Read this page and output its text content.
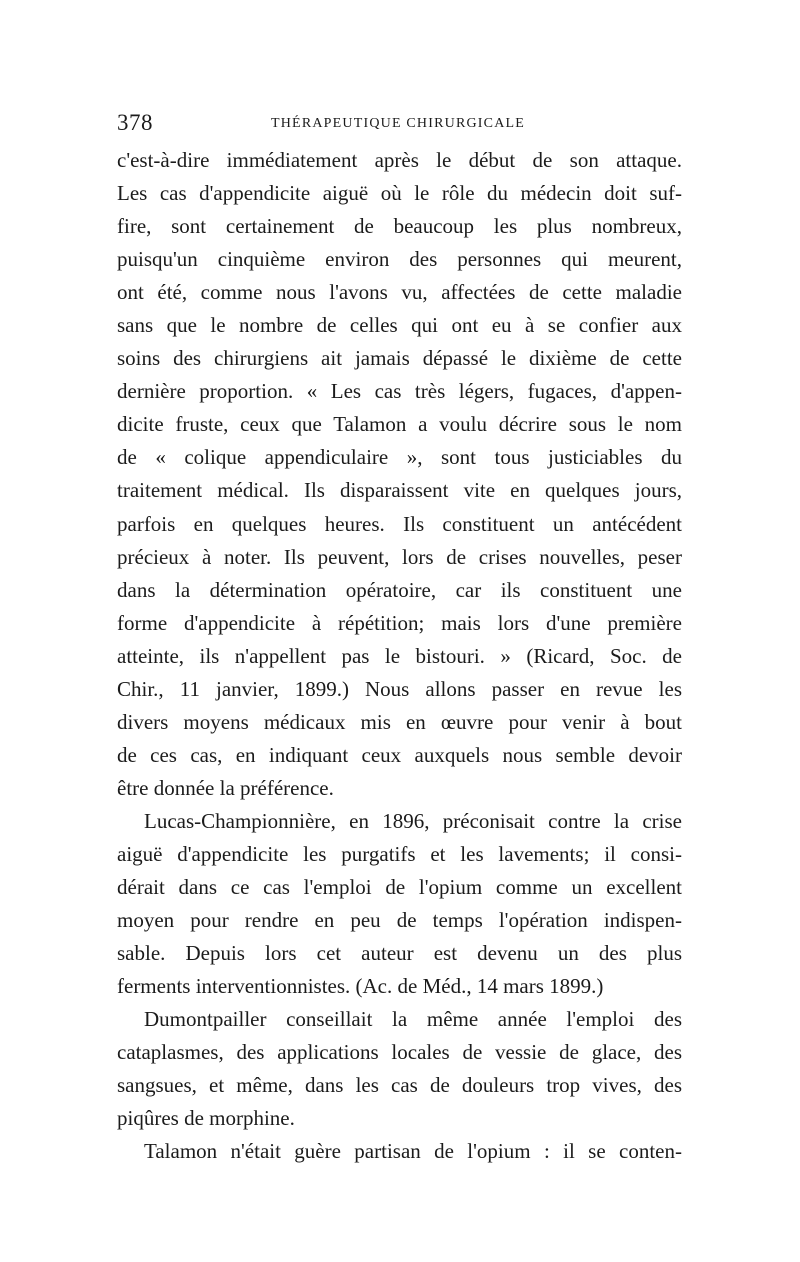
378	THÉRAPEUTIQUE CHIRURGICALE
c'est-à-dire immédiatement après le début de son attaque.
Les cas d'appendicite aiguë où le rôle du médecin doit suf-
fire, sont certainement de beaucoup les plus nombreux,
puisqu'un cinquième environ des personnes qui meurent,
ont été, comme nous l'avons vu, affectées de cette maladie
sans que le nombre de celles qui ont eu à se confier aux
soins des chirurgiens ait jamais dépassé le dixième de cette
dernière proportion. « Les cas très légers, fugaces, d'appen-
dicite fruste, ceux que Talamon a voulu décrire sous le nom
de « colique appendiculaire », sont tous justiciables du
traitement médical. Ils disparaissent vite en quelques jours,
parfois en quelques heures. Ils constituent un antécédent
précieux à noter. Ils peuvent, lors de crises nouvelles, peser
dans la détermination opératoire, car ils constituent une
forme d'appendicite à répétition; mais lors d'une première
atteinte, ils n'appellent pas le bistouri. » (Ricard, Soc. de
Chir., 11 janvier, 1899.) Nous allons passer en revue les
divers moyens médicaux mis en œuvre pour venir à bout
de ces cas, en indiquant ceux auxquels nous semble devoir
être donnée la préférence.
Lucas-Championnière, en 1896, préconisait contre la crise
aiguë d'appendicite les purgatifs et les lavements; il consi-
dérait dans ce cas l'emploi de l'opium comme un excellent
moyen pour rendre en peu de temps l'opération indispen-
sable. Depuis lors cet auteur est devenu un des plus
ferments interventionnistes. (Ac. de Méd., 14 mars 1899.)
Dumontpailler conseillait la même année l'emploi des
cataplasmes, des applications locales de vessie de glace, des
sangsues, et même, dans les cas de douleurs trop vives, des
piqûres de morphine.
Talamon n'était guère partisan de l'opium : il se conten-
